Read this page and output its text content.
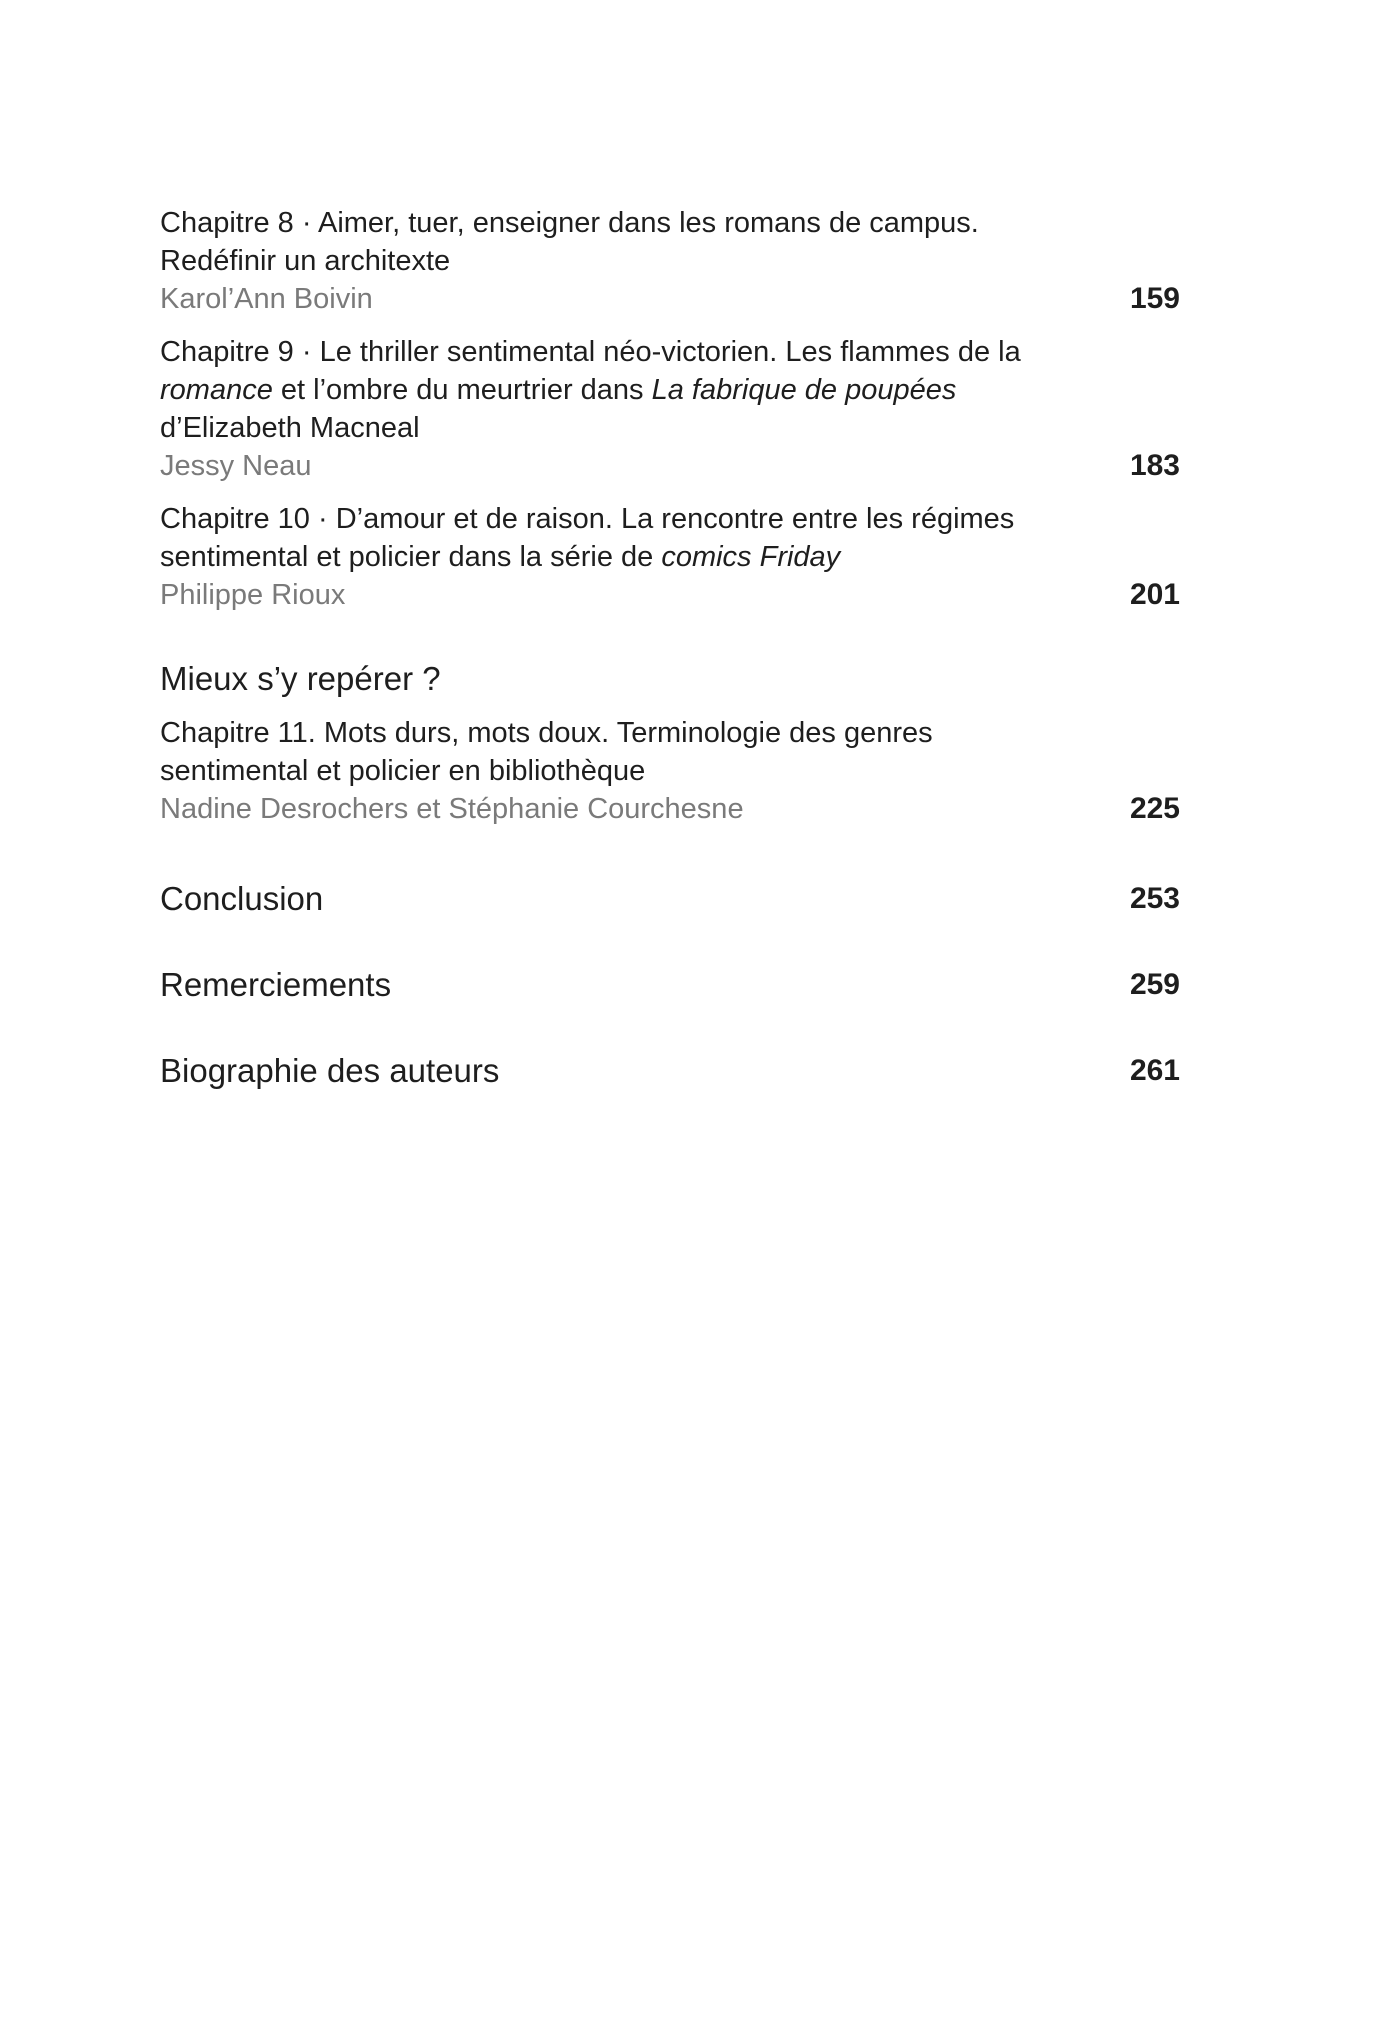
Chapitre 8 · Aimer, tuer, enseigner dans les romans de campus. Redéfinir un architexte
Karol’Ann Boivin	159
Chapitre 9 · Le thriller sentimental néo-victorien. Les flammes de la romance et l’ombre du meurtrier dans La fabrique de poupées
d’Elizabeth Macneal
Jessy Neau	183
Chapitre 10 · D’amour et de raison. La rencontre entre les régimes sentimental et policier dans la série de comics Friday
Philippe Rioux	201
Mieux s’y repérer ?
Chapitre 11. Mots durs, mots doux. Terminologie des genres sentimental et policier en bibliothèque
Nadine Desrochers et Stéphanie Courchesne	225
Conclusion	253
Remerciements	259
Biographie des auteurs	261
